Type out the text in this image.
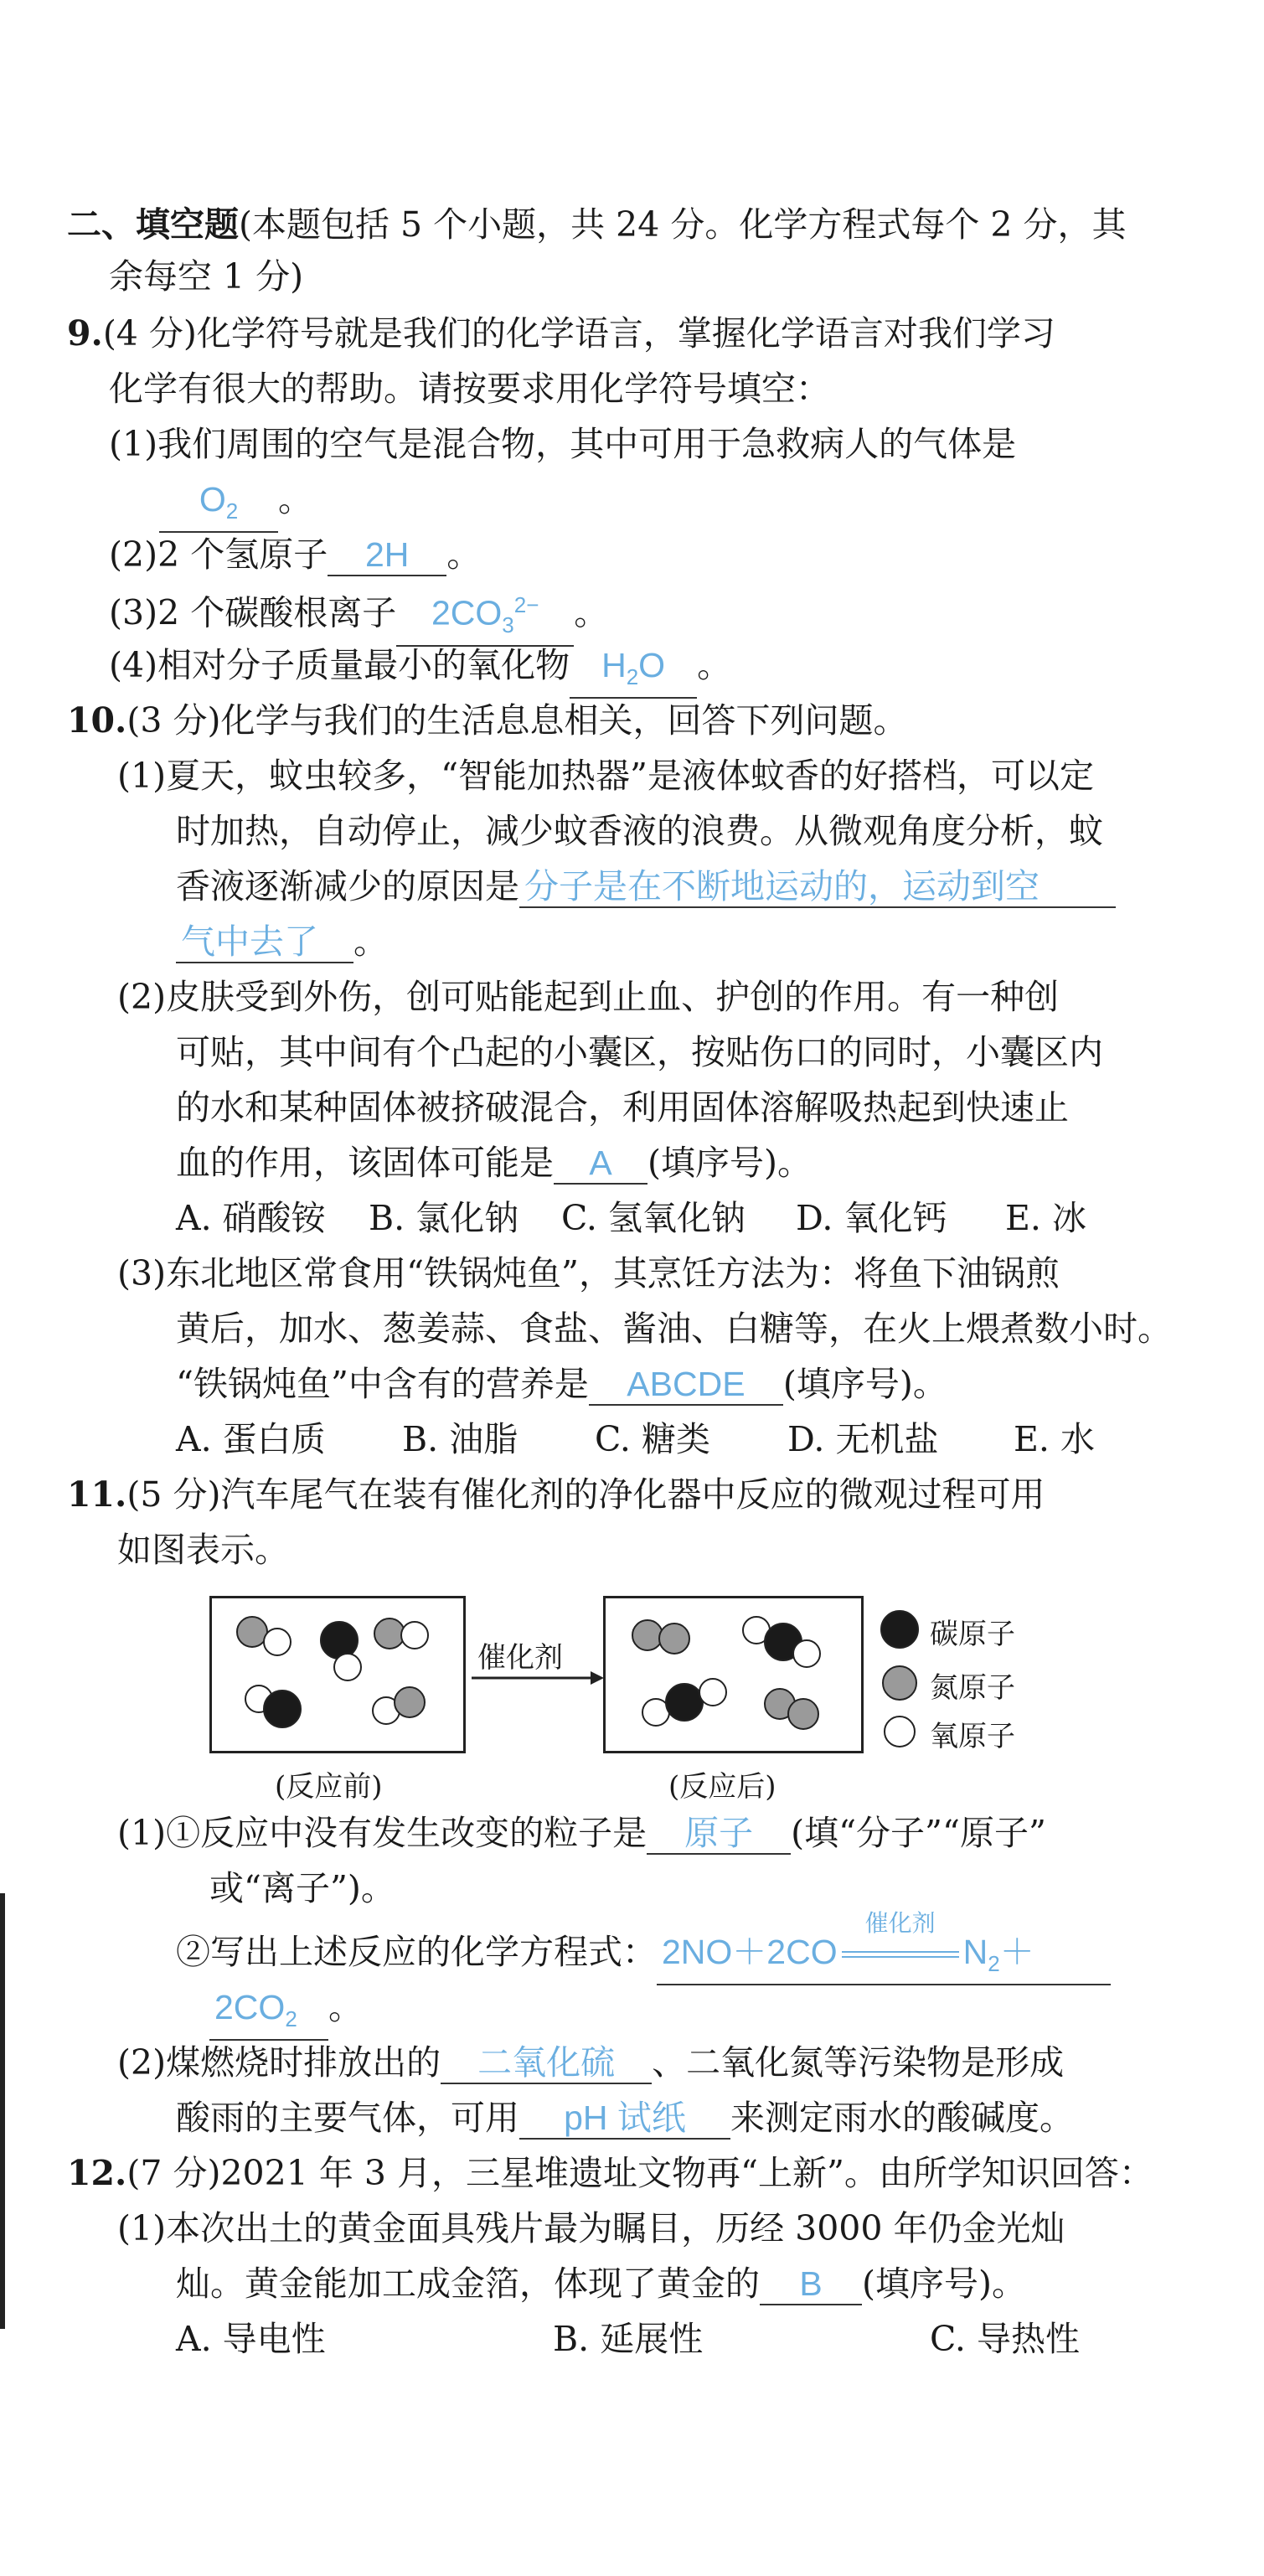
二、填空题(本题包括 5 个小题，共 24 分。化学方程式每个 2 分，其
余每空 1 分)
9.(4 分)化学符号就是我们的化学语言，掌握化学语言对我们学习
化学有很大的帮助。请按要求用化学符号填空：
(1)我们周围的空气是混合物，其中可用于急救病人的气体是
$O_2$ 。
(2)2 个氢原子 2H 。
(3)2 个碳酸根离子 $2CO_3^{2-}$ 。
(4)相对分子质量最小的氧化物 $H_2O$ 。
10.(3 分)化学与我们的生活息息相关，回答下列问题。
(1)夏天，蚊虫较多，“智能加热器”是液体蚊香的好搭档，可以定
时加热，自动停止，减少蚊香液的浪费。从微观角度分析，蚊
香液逐渐减少的原因是 分子是在不断地运动的，运动到空
气中去了 。
(2)皮肤受到外伤，创可贴能起到止血、护创的作用。有一种创
可贴，其中间有个凸起的小囊区，按贴伤口的同时，小囊区内
的水和某种固体被挤破混合，利用固体溶解吸热起到快速止
血的作用，该固体可能是 A (填序号)。
A. 硝酸铵 B. 氯化钠 C. 氢氧化钠 D. 氧化钙 E. 冰
(3)东北地区常食用“铁锅炖鱼”，其烹饪方法为：将鱼下油锅煎
黄后，加水、葱姜蒜、食盐、酱油、白糖等，在火上煨煮数小时。
“铁锅炖鱼”中含有的营养是 ABCDE (填序号)。
A. 蛋白质 B. 油脂 C. 糖类 D. 无机盐 E. 水
11.(5 分)汽车尾气在装有催化剂的净化器中反应的微观过程可用
如图表示。
(反应前)
催化剂
(反应后)
碳原子
氮原子
氧原子
(1)①反应中没有发生改变的粒子是 原子 (填“分子”“原子”
或“离子”)。
②写出上述反应的化学方程式： 2NO＋2CO
催化剂
$N_2+$
$2CO_2$ 。
(2)煤燃烧时排放出的 二氧化硫 、二氧化氮等污染物是形成
酸雨的主要气体，可用 pH 试纸 来测定雨水的酸碱度。
12.(7 分)2021 年 3 月，三星堆遗址文物再“上新”。由所学知识回答：
(1)本次出土的黄金面具残片最为瞩目，历经 3000 年仍金光灿
灿。黄金能加工成金箔，体现了黄金的 B (填序号)。
A. 导电性	B. 延展性	C. 导热性
